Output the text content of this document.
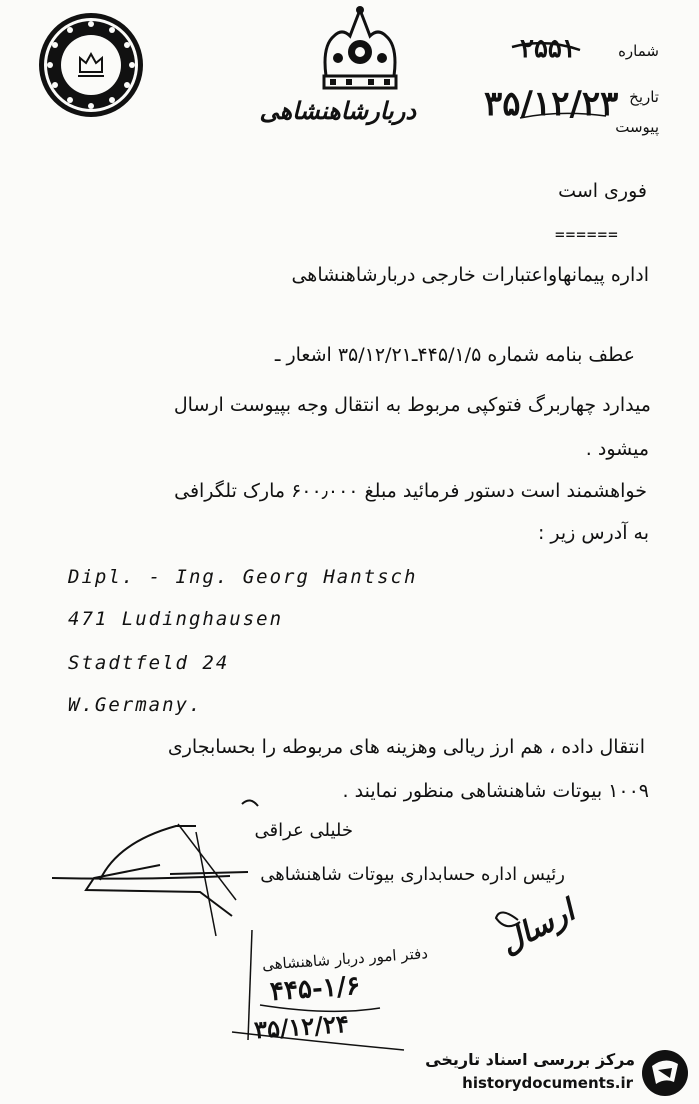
دربارشاهنشاهی
شماره
۲۵۵۱
تاریخ
۳۵/۱۲/۲۳
پیوست
فوری است
======
اداره پیمانهاواعتبارات خارجی دربارشاهنشاهی
عطف بنامه شماره ۴۴۵/۱/۵ـ۳۵/۱۲/۲۱ اشعار ـ
میدارد چهاربرگ فتوکپی مربوط به انتقال وجه بپیوست ارسال
میشود .
خواهشمند است دستور فرمائید مبلغ ۶۰۰٫۰۰۰ مارک تلگرافی
به آدرس زیر :
Dipl. - Ing. Georg Hantsch
471 Ludinghausen
Stadtfeld 24
W.Germany.
انتقال داده ، هم ارز ریالی وهزینه های مربوطه را بحسابجاری
۱۰۰۹ بیوتات شاهنشاهی منظور نمایند .
خلیلی عراقی
رئیس اداره حسابداری بیوتات شاهنشاهی
ارسال
دفتر امور دربار شاهنشاهی
۴۴۵-۱/۶
۳۵/۱۲/۲۴
مرکز بررسی اسناد تاریخی
historydocuments.ir
